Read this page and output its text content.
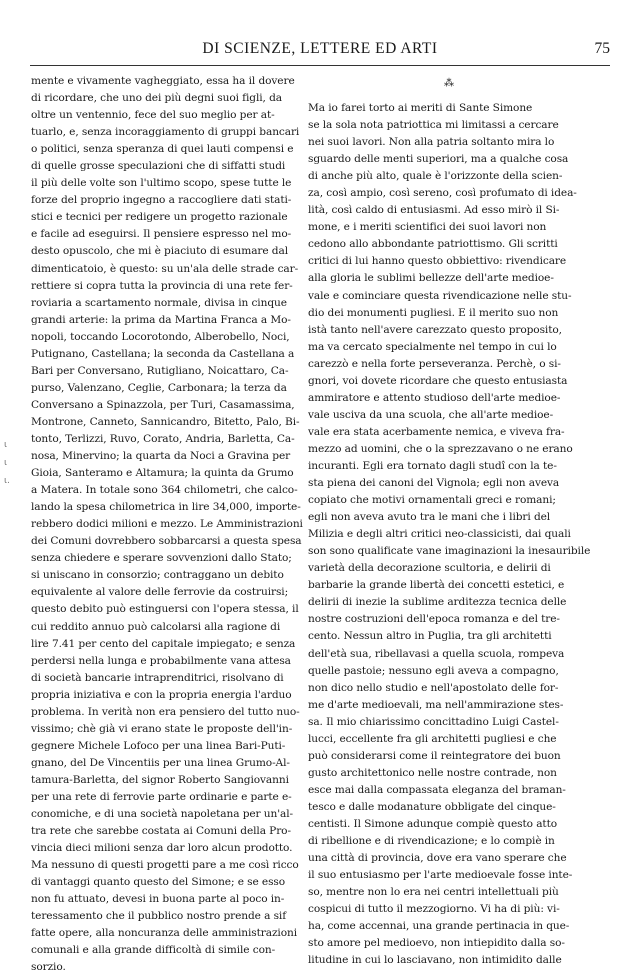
DI SCIENZE, LETTERE ED ARTI	75
ι
ι
ι.
mente e vivamente vagheggiato, essa ha il dovere
di ricordare, che uno dei più degni suoi figli, da
oltre un ventennio, fece del suo meglio per at-
tuarlo, e, senza incoraggiamento di gruppi bancari
o politici, senza speranza di quei lauti compensi e
di quelle grosse speculazioni che di siffatti studi
il più delle volte son l'ultimo scopo, spese tutte le
forze del proprio ingegno a raccogliere dati stati-
stici e tecnici per redigere un progetto razionale
e facile ad eseguirsi. Il pensiere espresso nel mo-
desto opuscolo, che mi è piaciuto di esumare dal
dimenticatoio, è questo: su un'ala delle strade car-
rettiere si copra tutta la provincia di una rete fer-
roviaria a scartamento normale, divisa in cinque
grandi arterie: la prima da Martina Franca a Mo-
nopoli, toccando Locorotondo, Alberobello, Noci,
Putignano, Castellana; la seconda da Castellana a
Bari per Conversano, Rutigliano, Noicattaro, Ca-
purso, Valenzano, Ceglie, Carbonara; la terza da
Conversano a Spinazzola, per Turi, Casamassima,
Montrone, Canneto, Sannicandro, Bitetto, Palo, Bi-
tonto, Terlizzi, Ruvo, Corato, Andria, Barletta, Ca-
nosa, Minervino; la quarta da Noci a Gravina per
Gioia, Santeramo e Altamura; la quinta da Grumo
a Matera. In totale sono 364 chilometri, che calco-
lando la spesa chilometrica in lire 34,000, importe-
rebbero dodici milioni e mezzo. Le Amministrazioni
dei Comuni dovrebbero sobbarcarsi a questa spesa
senza chiedere e sperare sovvenzioni dallo Stato;
si uniscano in consorzio; contraggano un debito
equivalente al valore delle ferrovie da costruirsi;
questo debito può estinguersi con l'opera stessa, il
cui reddito annuo può calcolarsi alla ragione di
lire 7.41 per cento del capitale impiegato; e senza
perdersi nella lunga e probabilmente vana attesa
di società bancarie intraprenditrici, risolvano di
propria iniziativa e con la propria energia l'arduo
problema. In verità non era pensiero del tutto nuo-
vissimo; chè già vi erano state le proposte dell'in-
gegnere Michele Lofoco per una linea Bari-Puti-
gnano, del De Vincentiis per una linea Grumo-Al-
tamura-Barletta, del signor Roberto Sangiovanni
per una rete di ferrovie parte ordinarie e parte e-
conomiche, e di una società napoletana per un'al-
tra rete che sarebbe costata ai Comuni della Pro-
vincia dieci milioni senza dar loro alcun prodotto.
Ma nessuno di questi progetti pare a me così ricco
di vantaggi quanto questo del Simone; e se esso
non fu attuato, devesi in buona parte al poco in-
teressamento che il pubblico nostro prende a sif
fatte opere, alla noncuranza delle amministrazioni
comunali e alla grande difficoltà di simile con-
sorzio.
⁂
Ma io farei torto ai meriti di Sante Simone
se la sola nota patriottica mi limitassi a cercare
nei suoi lavori. Non alla patria soltanto mira lo
sguardo delle menti superiori, ma a qualche cosa
di anche più alto, quale è l'orizzonte della scien-
za, così ampio, così sereno, così profumato di idea-
lità, così caldo di entusiasmi. Ad esso mirò il Si-
mone, e i meriti scientifici dei suoi lavori non
cedono allo abbondante patriottismo. Gli scritti
critici di lui hanno questo obbiettivo: rivendicare
alla gloria le sublimi bellezze dell'arte medioe-
vale e cominciare questa rivendicazione nelle stu-
dio dei monumenti pugliesi. E il merito suo non
istà tanto nell'avere carezzato questo proposito,
ma va cercato specialmente nel tempo in cui lo
carezzò e nella forte perseveranza. Perchè, o si-
gnori, voi dovete ricordare che questo entusiasta
ammiratore e attento studioso dell'arte medioe-
vale usciva da una scuola, che all'arte medioe-
vale era stata acerbamente nemica, e viveva fra-
mezzo ad uomini, che o la sprezzavano o ne erano
incuranti. Egli era tornato dagli studî con la te-
sta piena dei canoni del Vignola; egli non aveva
copiato che motivi ornamentali greci e romani;
egli non aveva avuto tra le mani che i libri del
Milizia e degli altri critici neo-classicisti, dai quali
son sono qualificate vane imaginazioni la inesauribile
varietà della decorazione scultoria, e delirii di
barbarie la grande libertà dei concetti estetici, e
delirii di inezie la sublime arditezza tecnica delle
nostre costruzioni dell'epoca romanza e del tre-
cento. Nessun altro in Puglia, tra gli architetti
dell'età sua, ribellavasi a quella scuola, rompeva
quelle pastoie; nessuno egli aveva a compagno,
non dico nello studio e nell'apostolato delle for-
me d'arte medioevali, ma nell'ammirazione stes-
sa. Il mio chiarissimo concittadino Luigi Castel-
lucci, eccellente fra gli architetti pugliesi e che
può considerarsi come il reintegratore dei buon
gusto architettonico nelle nostre contrade, non
esce mai dalla compassata eleganza del braman-
tesco e dalle modanature obbligate del cinque-
centisti. Il Simone adunque compiè questo atto
di ribellione e di rivendicazione; e lo compiè in
una città di provincia, dove era vano sperare che
il suo entusiasmo per l'arte medioevale fosse inte-
so, mentre non lo era nei centri intellettuali più
cospicui di tutto il mezzogiorno. Vi ha di più: vi-
ha, come accennai, una grande pertinacia in que-
sto amore pel medioevo, non intiepidito dalla so-
litudine in cui lo lasciavano, non intimidito dalle
